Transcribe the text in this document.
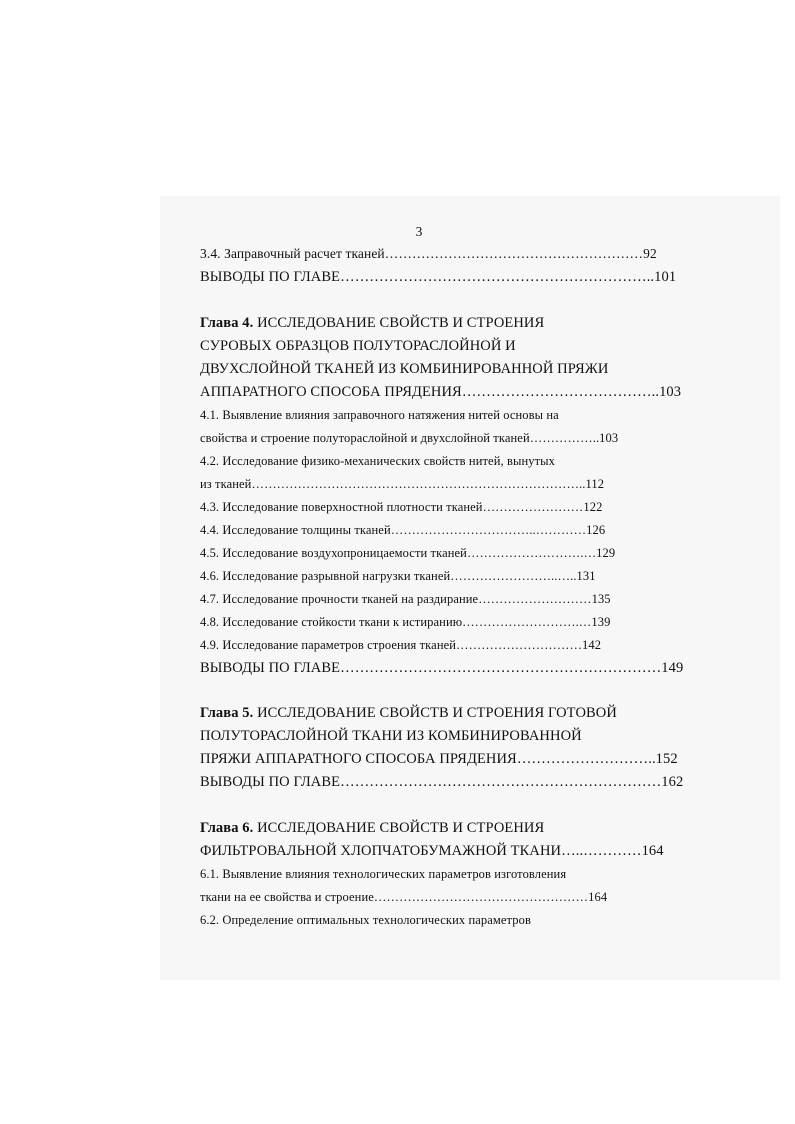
3
3.4. Заправочный расчет тканей…………………………………………………92
ВЫВОДЫ ПО ГЛАВЕ………………………………………………………..101
Глава 4. ИССЛЕДОВАНИЕ СВОЙСТВ И СТРОЕНИЯ
СУРОВЫХ ОБРАЗЦОВ ПОЛУТОРАСЛОЙНОЙ И
ДВУХСЛОЙНОЙ ТКАНЕЙ ИЗ КОМБИНИРОВАННОЙ ПРЯЖИ
АППАРАТНОГО СПОСОБА ПРЯДЕНИЯ…………………………………..103
4.1. Выявление влияния заправочного натяжения нитей основы на
свойства и строение полуторaслойной и двухслойной тканей……………..103
4.2. Исследование физико-механических свойств нитей, вынутых
из тканей……………………………………………………………………..112
4.3. Исследование поверхностной плотности тканей……………………122
4.4. Исследование толщины тканей……………………………..…………126
4.5. Исследование воздухопроницаемости тканей……………………….…129
4.6. Исследование разрывной нагрузки тканей……………………..…..131
4.7. Исследование прочности тканей на раздирание………………………135
4.8. Исследование стойкости ткани к истиранию……………………….…139
4.9. Исследование параметров строения тканей…………………………142
ВЫВОДЫ ПО ГЛАВЕ…………………………………………………………149
Глава 5. ИССЛЕДОВАНИЕ СВОЙСТВ И СТРОЕНИЯ ГОТОВОЙ
ПОЛУТОРАСЛОЙНОЙ ТКАНИ ИЗ КОМБИНИРОВАННОЙ
ПРЯЖИ АППАРАТНОГО СПОСОБА ПРЯДЕНИЯ………………………..152
ВЫВОДЫ ПО ГЛАВЕ…………………………………………………………162
Глава 6. ИССЛЕДОВАНИЕ СВОЙСТВ И СТРОЕНИЯ
ФИЛЬТРОВАЛЬНОЙ ХЛОПЧАТОБУМАЖНОЙ ТКАНИ…..…………164
6.1. Выявление влияния технологических параметров изготовления
ткани на ее свойства и строение……………………………………………164
6.2. Определение оптимальных технологических параметров
